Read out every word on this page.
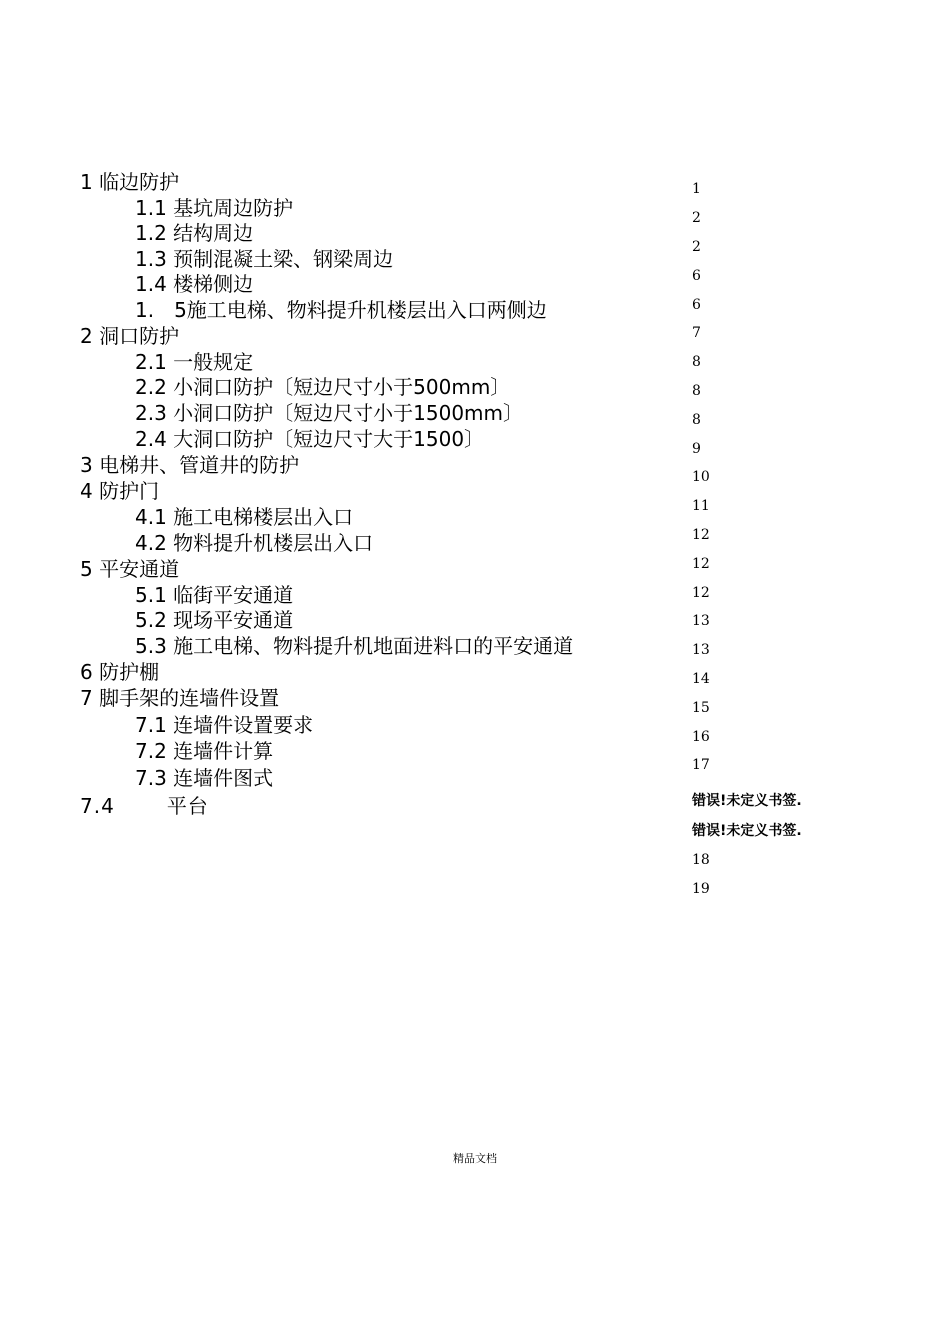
1 临边防护
1.1 基坑周边防护
1.2 结构周边
1.3 预制混凝土梁、钢梁周边
1.4 楼梯侧边
1.　5施工电梯、物料提升机楼层出入口两侧边
2 洞口防护
2.1 一般规定
2.2 小洞口防护〔短边尺寸小于500mm〕
2.3 小洞口防护〔短边尺寸小于1500mm〕
2.4 大洞口防护〔短边尺寸大于1500〕
3 电梯井、管道井的防护
4 防护门
4.1 施工电梯楼层出入口
4.2 物料提升机楼层出入口
5 平安通道
5.1 临街平安通道
5.2 现场平安通道
5.3 施工电梯、物料提升机地面进料口的平安通道
6 防护棚
7 脚手架的连墙件设置
7.1 连墙件设置要求
7.2 连墙件计算
7.3 连墙件图式
7.4	平台
1
2
2
6
6
7
8
8
8
9
10
11
12
12
12
13
13
14
15
16
17
错误!未定义书签.
错误!未定义书签.
18
19
精品文档
